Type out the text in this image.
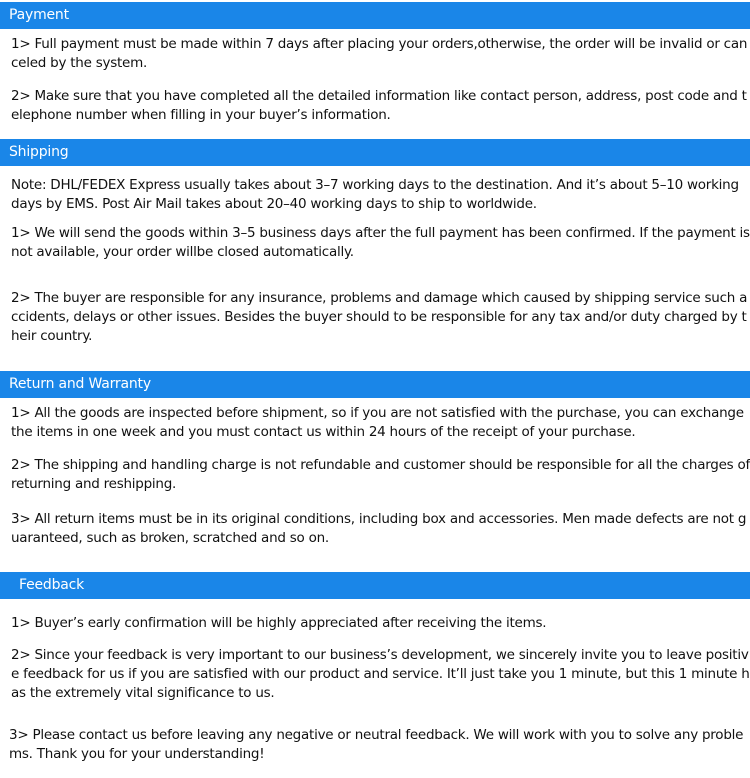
Payment

1> Full payment must be made within 7 days after placing your orders,otherwise, the order will be invalid or canceled by the system.

2> Make sure that you have completed all the detailed information like contact person, address, post code and telephone number when filling in your buyer’s information.

Shipping

Note: DHL/FEDEX Express usually takes about 3–7 working days to the destination. And it’s about 5–10 working days by EMS. Post Air Mail takes about 20–40 working days to ship to worldwide.

1> We will send the goods within 3–5 business days after the full payment has been confirmed. If the payment is not available, your order willbe closed automatically.

2> The buyer are responsible for any insurance, problems and damage which caused by shipping service such accidents, delays or other issues. Besides the buyer should to be responsible for any tax and/or duty charged by their country.

Return and Warranty

1> All the goods are inspected before shipment, so if you are not satisfied with the purchase, you can exchange the items in one week and you must contact us within 24 hours of the receipt of your purchase.

2> The shipping and handling charge is not refundable and customer should be responsible for all the charges of returning and reshipping.

3> All return items must be in its original conditions, including box and accessories. Men made defects are not guaranteed, such as broken, scratched and so on.

Feedback

1> Buyer’s early confirmation will be highly appreciated after receiving the items.

2> Since your feedback is very important to our business’s development, we sincerely invite you to leave positive feedback for us if you are satisfied with our product and service. It’ll just take you 1 minute, but this 1 minute has the extremely vital significance to us.

3> Please contact us before leaving any negative or neutral feedback. We will work with you to solve any problems. Thank you for your understanding!
